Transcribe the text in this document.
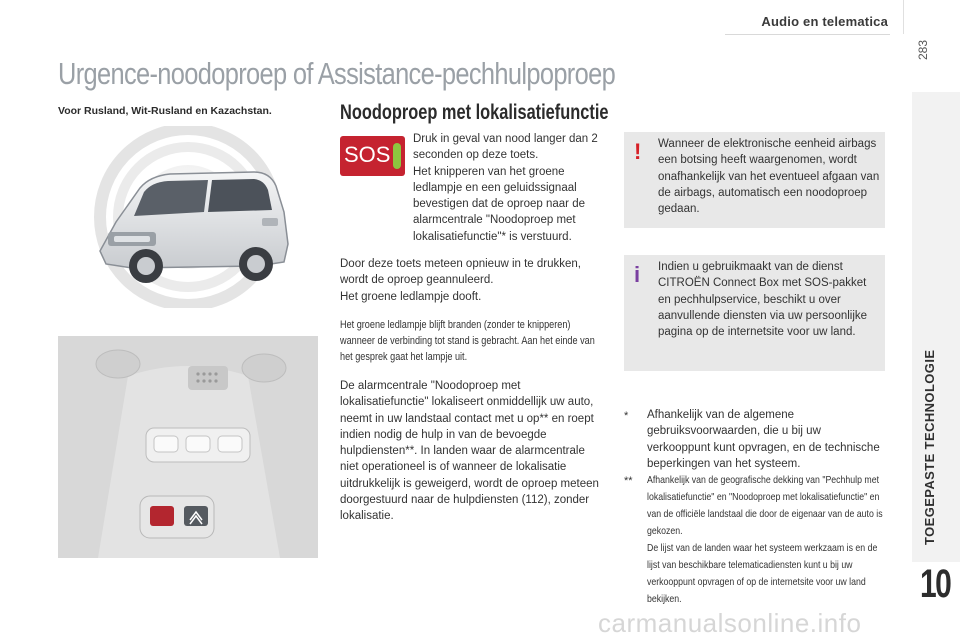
Audio en telematica
283
TOEGEPASTE TECHNOLOGIE
10
Urgence-noodoproep of Assistance-pechhulpoproep
Voor Rusland, Wit-Rusland en Kazachstan.	Noodoproep met lokalisatiefunctie
SOS
Druk in geval van nood langer dan 2 seconden op deze toets.
Het knipperen van het groene ledlampje en een geluidssignaal bevestigen dat de oproep naar de alarmcentrale "Noodoproep met lokalisatiefunctie"* is verstuurd.
Door deze toets meteen opnieuw in te drukken, wordt de oproep geannuleerd.
Het groene ledlampje dooft.
Het groene ledlampje blijft branden (zonder te knipperen) wanneer de verbinding tot stand is gebracht. Aan het einde van het gesprek gaat het lampje uit.
De alarmcentrale "Noodoproep met lokalisatiefunctie" lokaliseert onmiddellijk uw auto, neemt in uw landstaal contact met u op** en roept indien nodig de hulp in van de bevoegde hulpdiensten**. In landen waar de alarmcentrale niet operationeel is of wanneer de lokalisatie uitdrukkelijk is geweigerd, wordt de oproep meteen doorgestuurd naar de hulpdiensten (112), zonder lokalisatie.
! Wanneer de elektronische eenheid airbags een botsing heeft waargenomen, wordt onafhankelijk van het eventueel afgaan van de airbags, automatisch een noodoproep gedaan.
i	Indien u gebruikmaakt van de dienst CITROËN Connect Box met SOS-pakket en pechhulpservice, beschikt u over aanvullende diensten via uw persoonlijke pagina op de internetsite voor uw land.
* Afhankelijk van de algemene gebruiksvoorwaarden, die u bij uw verkooppunt kunt opvragen, en de technische beperkingen van het systeem.
** Afhankelijk van de geografische dekking van "Pechhulp met lokalisatiefunctie" en "Noodoproep met lokalisatiefunctie" en van de officiële landstaal die door de eigenaar van de auto is gekozen.
De lijst van de landen waar het systeem werkzaam is en de lijst van beschikbare telematicadiensten kunt u bij uw verkooppunt opvragen of op de internetsite voor uw land bekijken.
carmanualsonline.info
